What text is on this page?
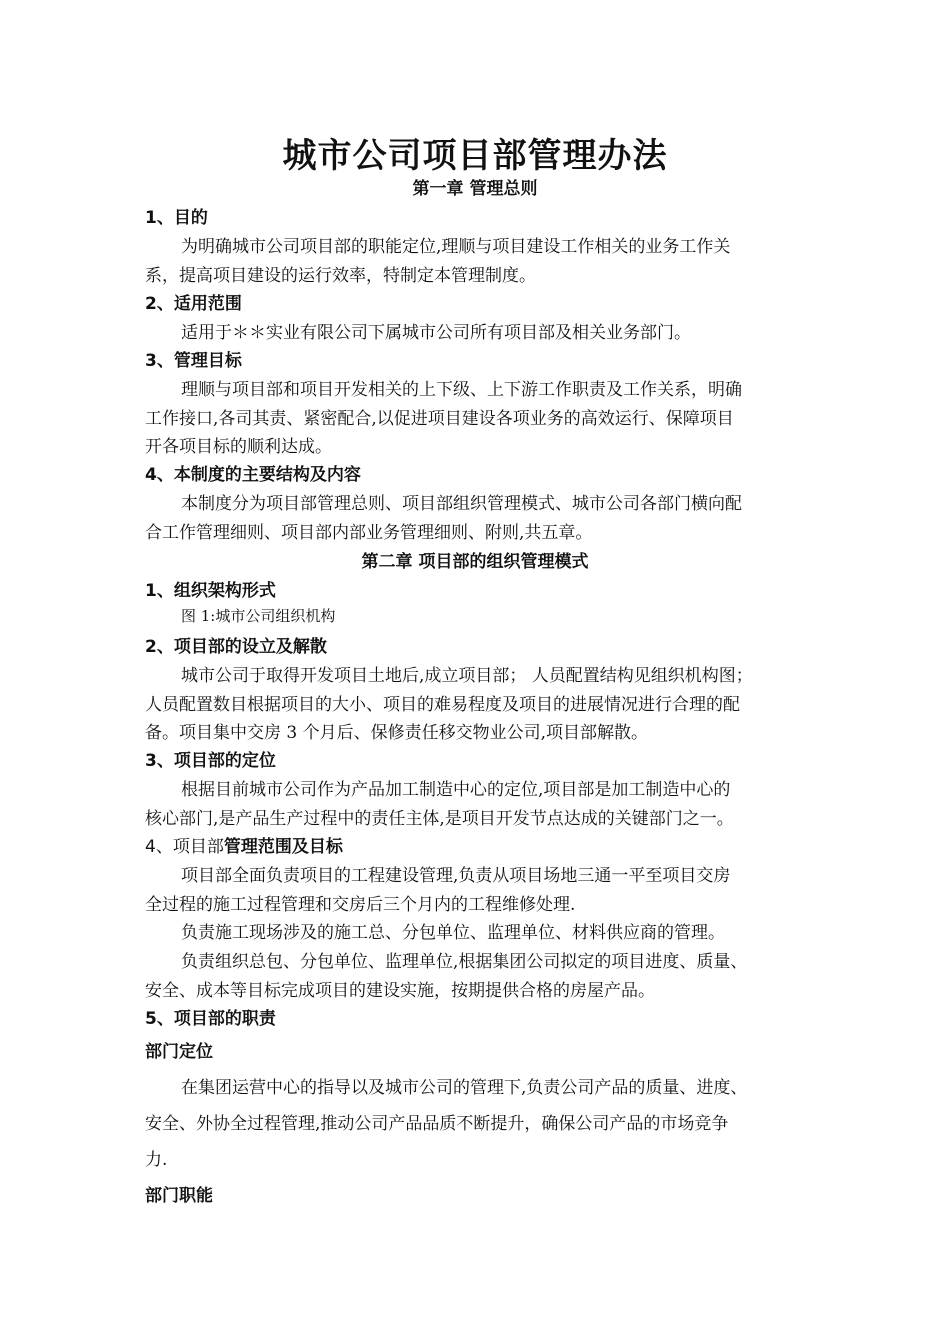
城市公司项目部管理办法
第一章 管理总则
1、目的
为明确城市公司项目部的职能定位,理顺与项目建设工作相关的业务工作关
系，提高项目建设的运行效率，特制定本管理制度。
2、适用范围
适用于＊＊实业有限公司下属城市公司所有项目部及相关业务部门。
3、管理目标
理顺与项目部和项目开发相关的上下级、上下游工作职责及工作关系，明确
工作接口,各司其责、紧密配合,以促进项目建设各项业务的高效运行、保障项目
开各项目标的顺利达成。
4、本制度的主要结构及内容
本制度分为项目部管理总则、项目部组织管理模式、城市公司各部门横向配
合工作管理细则、项目部内部业务管理细则、附则,共五章。
第二章 项目部的组织管理模式
1、组织架构形式
图 1:城市公司组织机构
2、项目部的设立及解散
城市公司于取得开发项目土地后,成立项目部； 人员配置结构见组织机构图；
人员配置数目根据项目的大小、项目的难易程度及项目的进展情况进行合理的配
备。项目集中交房 3 个月后、保修责任移交物业公司,项目部解散。
3、项目部的定位
根据目前城市公司作为产品加工制造中心的定位,项目部是加工制造中心的
核心部门,是产品生产过程中的责任主体,是项目开发节点达成的关键部门之一。
4、项目部管理范围及目标
项目部全面负责项目的工程建设管理,负责从项目场地三通一平至项目交房
全过程的施工过程管理和交房后三个月内的工程维修处理.
负责施工现场涉及的施工总、分包单位、监理单位、材料供应商的管理。
负责组织总包、分包单位、监理单位,根据集团公司拟定的项目进度、质量、
安全、成本等目标完成项目的建设实施，按期提供合格的房屋产品。
5、项目部的职责
部门定位
在集团运营中心的指导以及城市公司的管理下,负责公司产品的质量、进度、
安全、外协全过程管理,推动公司产品品质不断提升，确保公司产品的市场竞争
力.
部门职能
